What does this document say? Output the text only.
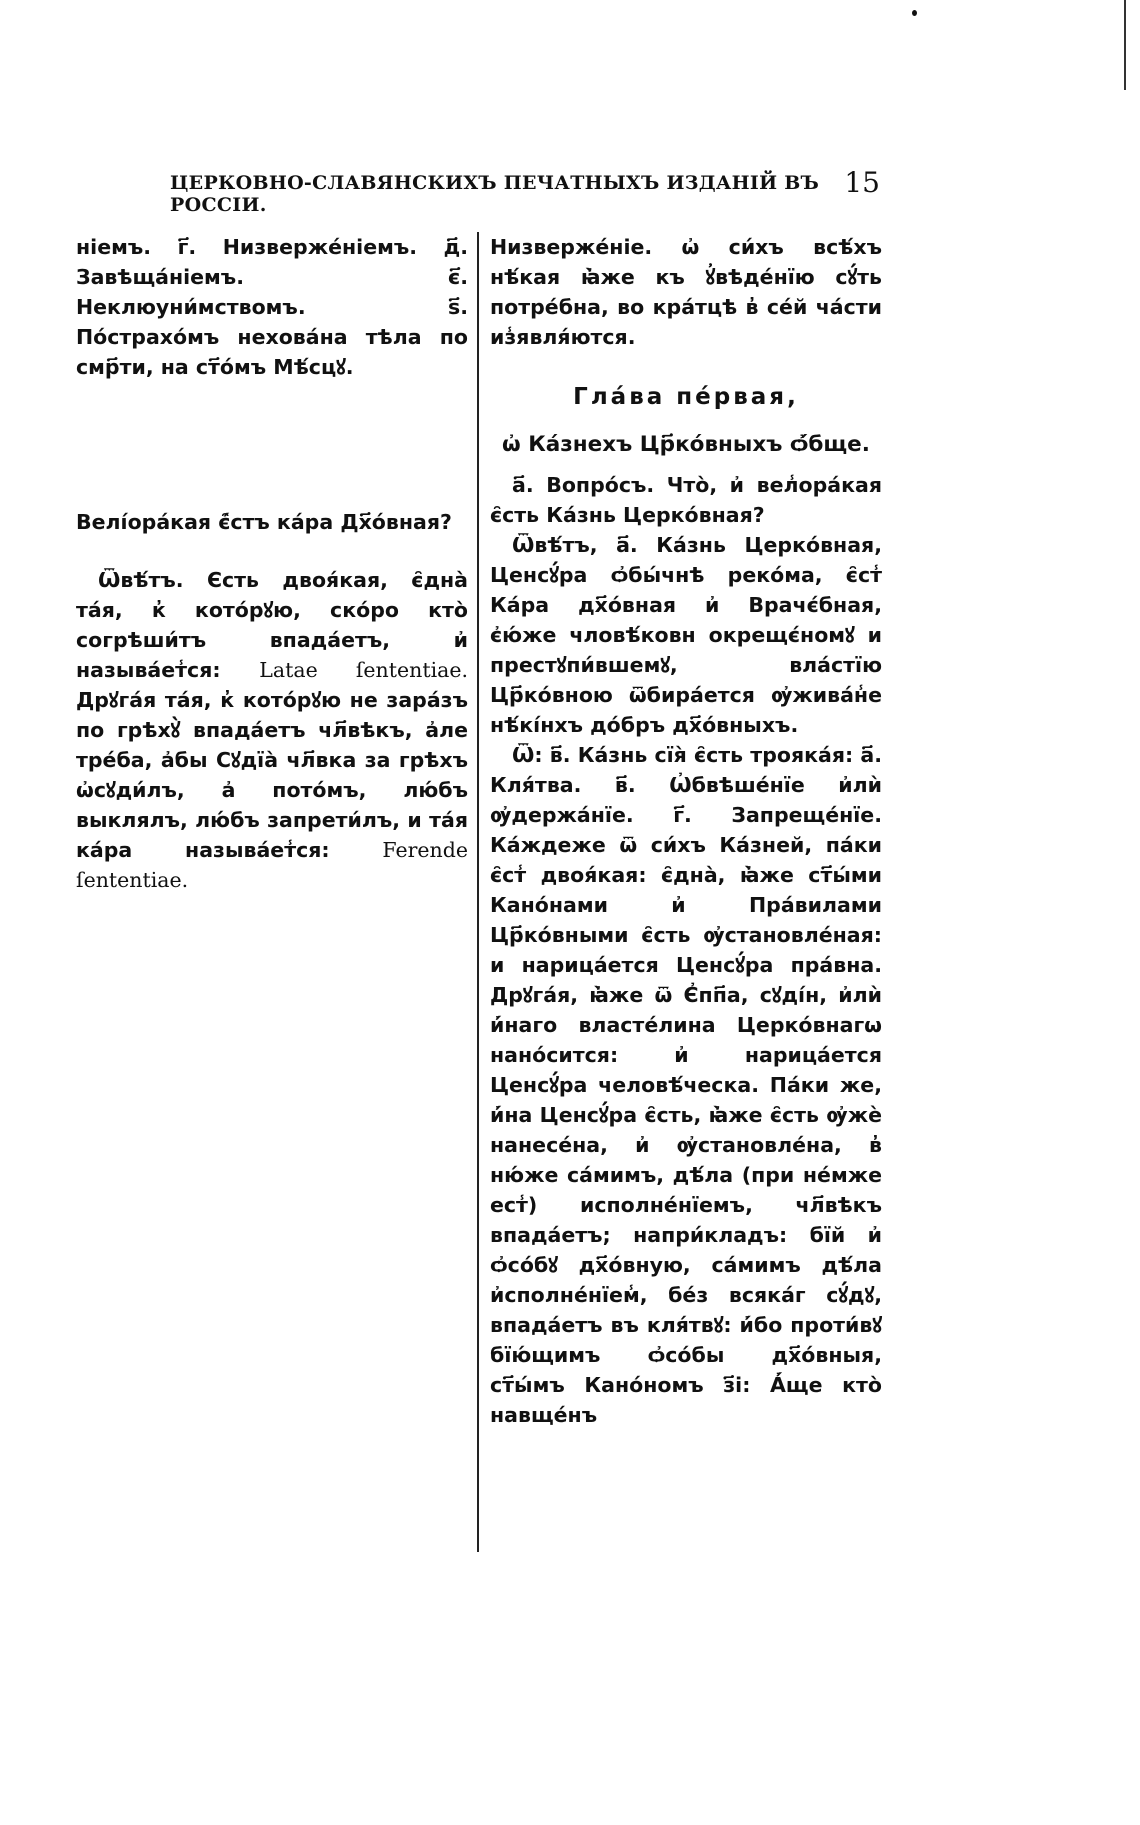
ЦЕРКОВНО-СЛАВЯНСКИХЪ ПЕЧАТНЫХЪ ИЗДАНІЙ ВЪ РОССІИ.
15

ніемъ. г҃. Низверже́ніемъ. д҃. Завѣща́ніемъ. є҃. Неклюуни́мствомъ. ѕ҃. По́страхо́мъ нехова́на тѣла по смр҃ти, на ст҃о́мъ Мѣ́сцꙋ.

Велі́ора́кая є̑́стъ ка́ра Дх҃о́вная?

Ѿвѣ́тъ. Єсть двоя́кая, є̑дна̀ та́я, к̓ кото́рꙋю, ско́ро кто̀ согрѣши́тъ впада́етъ, и҆ называ́ет̾ся: Latae ſententiae. Дрꙋга́я та́я, к̓ кото́рꙋю не зара́зъ по грѣхꙋ̀ впада́етъ чл҃вѣкъ, а҆ле тре́ба, а҆бы Сꙋдїа̀ чл҃вка за грѣхъ ѡ҆сꙋди́лъ, а҆ пото́мъ, лю́бъ выклялъ, лю́бъ запрети́лъ, и та́я ка́ра называ́ет̾ся:	Ferende ſententiae.

Низверже́ніе. ѡ҆ си́хъ всѣ́хъ нѣ́кая ꙗ҆̀же къ ꙋ҆вѣде́нїю сꙋ́ть потре́бна, во кра́тцѣ в̓ се́й ча́сти из̾явля́ются.

Гла́ва пе́рвая,

ѡ҆ Ка́знехъ Цр҃ко́вныхъ ѻ҆́бще.

а҃. Вопро́съ. Что̀, и҆ вел̾ора́кая є̑сть Ка́знь Церко́вная?

Ѿвѣ́тъ, а҃. Ка́знь Церко́вная, Ценсꙋ́ра ѻ҆бы́чнѣ реко́ма, є̑ст̾ Ка́ра дх҃о́вная и҆ Врачє́бная, є҆ю́же чловѣ́ковн окрещє́номꙋ и престꙋпи́вшемꙋ, вла́стїю Цр҃ко́вною ѿбира́ется ѹ҆жива́н̾е нѣ́кі́нхъ до́бръ дх҃о́вныхъ.

Ѿ: в҃. Ка́знь сїя̀ є̑сть трояка́я: а҃. Кля́тва. в҃. Ѡ҆бвѣше́нїе и҆лѝ ѹ҆держа́нїе. г҃. Запреще́нїе. Ка́ждеже ѿ си́хъ Ка́зней, па́ки є̑ст̾ двоя́кая: є̑дна̀, ꙗ҆̀же ст҃ы́ми Кано́нами и҆ Пра́вилами Цр҃ко́вными є̑сть ѹ҆становле́ная: и нарица́ется Ценсꙋ́ра пра́вна. Дрꙋга́я, ꙗ҆̀же ѿ Є҆пп҃а, сꙋді́н, и҆лѝ и҆́наго власте́лина Церко́внагѡ нано́сится: и҆ нарица́ется Ценсꙋ́ра человѣ́ческа. Па́ки же, и҆́на Ценсꙋ́ра є̑сть, ꙗ҆̀же є̑сть ѹ҆жѐ нанесе́на, и҆ ѹ҆становле́на, в̓ ню́же са́мимъ, дѣ́ла (при не́мже ест̾) исполне́нїемъ, чл҃вѣкъ впада́етъ; напри́кладъ: бїй и҆ ѻ҆со́бꙋ дх҃о́вную, са́мимъ дѣ́ла и҆сполне́нїем̾, бе́з всяка́г сꙋ́дꙋ, впада́етъ въ кля́твꙋ: и҆́бо проти́вꙋ бїю́щимъ ѻ҆со́бы дх҃о́вныя, ст҃ы́мъ Кано́номъ з҃і: А҆́ще кто̀ навще́нъ
